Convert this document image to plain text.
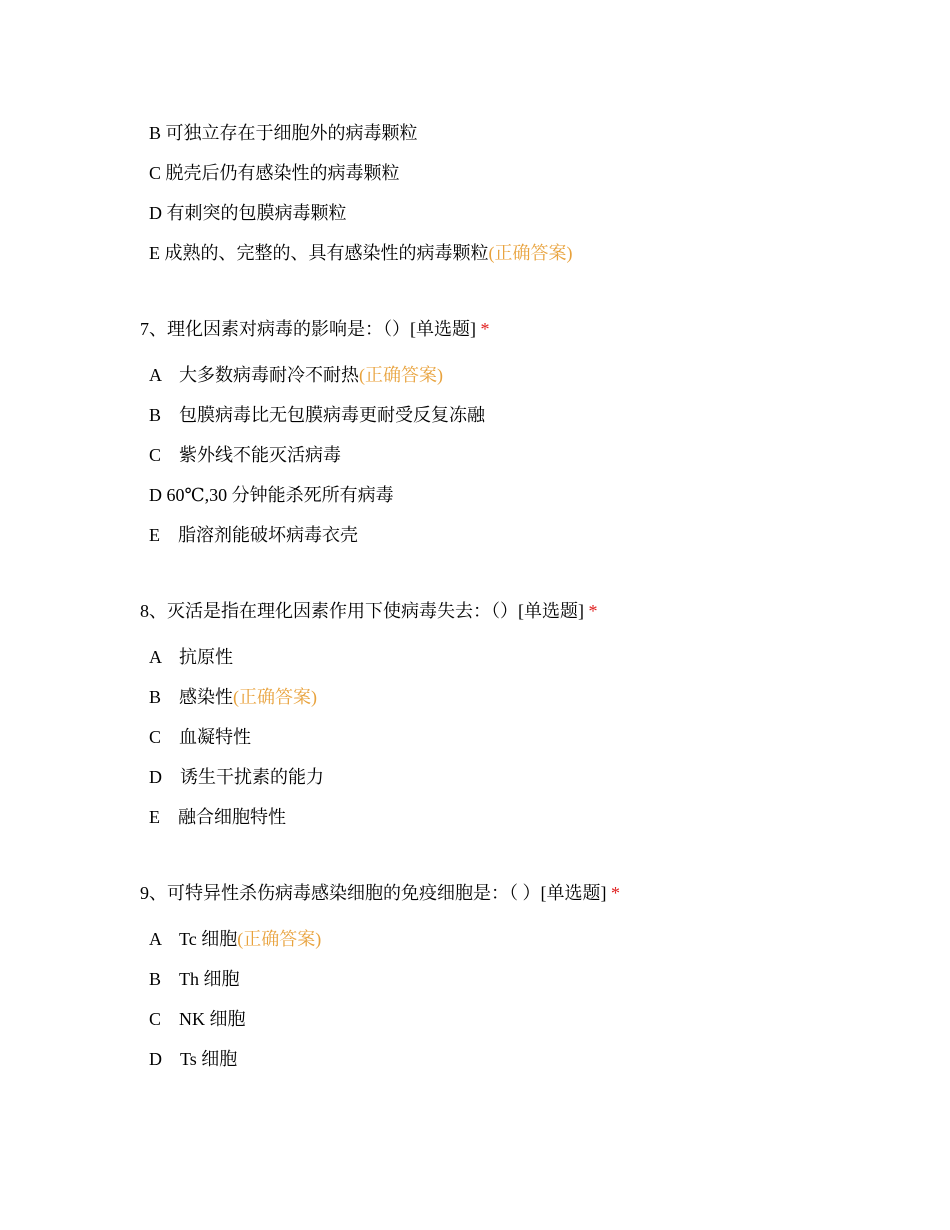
B 可独立存在于细胞外的病毒颗粒
C 脱壳后仍有感染性的病毒颗粒
D 有刺突的包膜病毒颗粒
E 成熟的、完整的、具有感染性的病毒颗粒(正确答案)
7、理化因素对病毒的影响是：（）[单选题] *
A　大多数病毒耐冷不耐热(正确答案)
B　包膜病毒比无包膜病毒更耐受反复冻融
C　紫外线不能灭活病毒
D 60℃,30 分钟能杀死所有病毒
E　脂溶剂能破坏病毒衣壳
8、灭活是指在理化因素作用下使病毒失去：（）[单选题] *
A　抗原性
B　感染性(正确答案)
C　血凝特性
D　诱生干扰素的能力
E　融合细胞特性
9、可特异性杀伤病毒感染细胞的免疫细胞是：（ ）[单选题] *
A　Tc 细胞(正确答案)
B　Th 细胞
C　NK 细胞
D　Ts 细胞
